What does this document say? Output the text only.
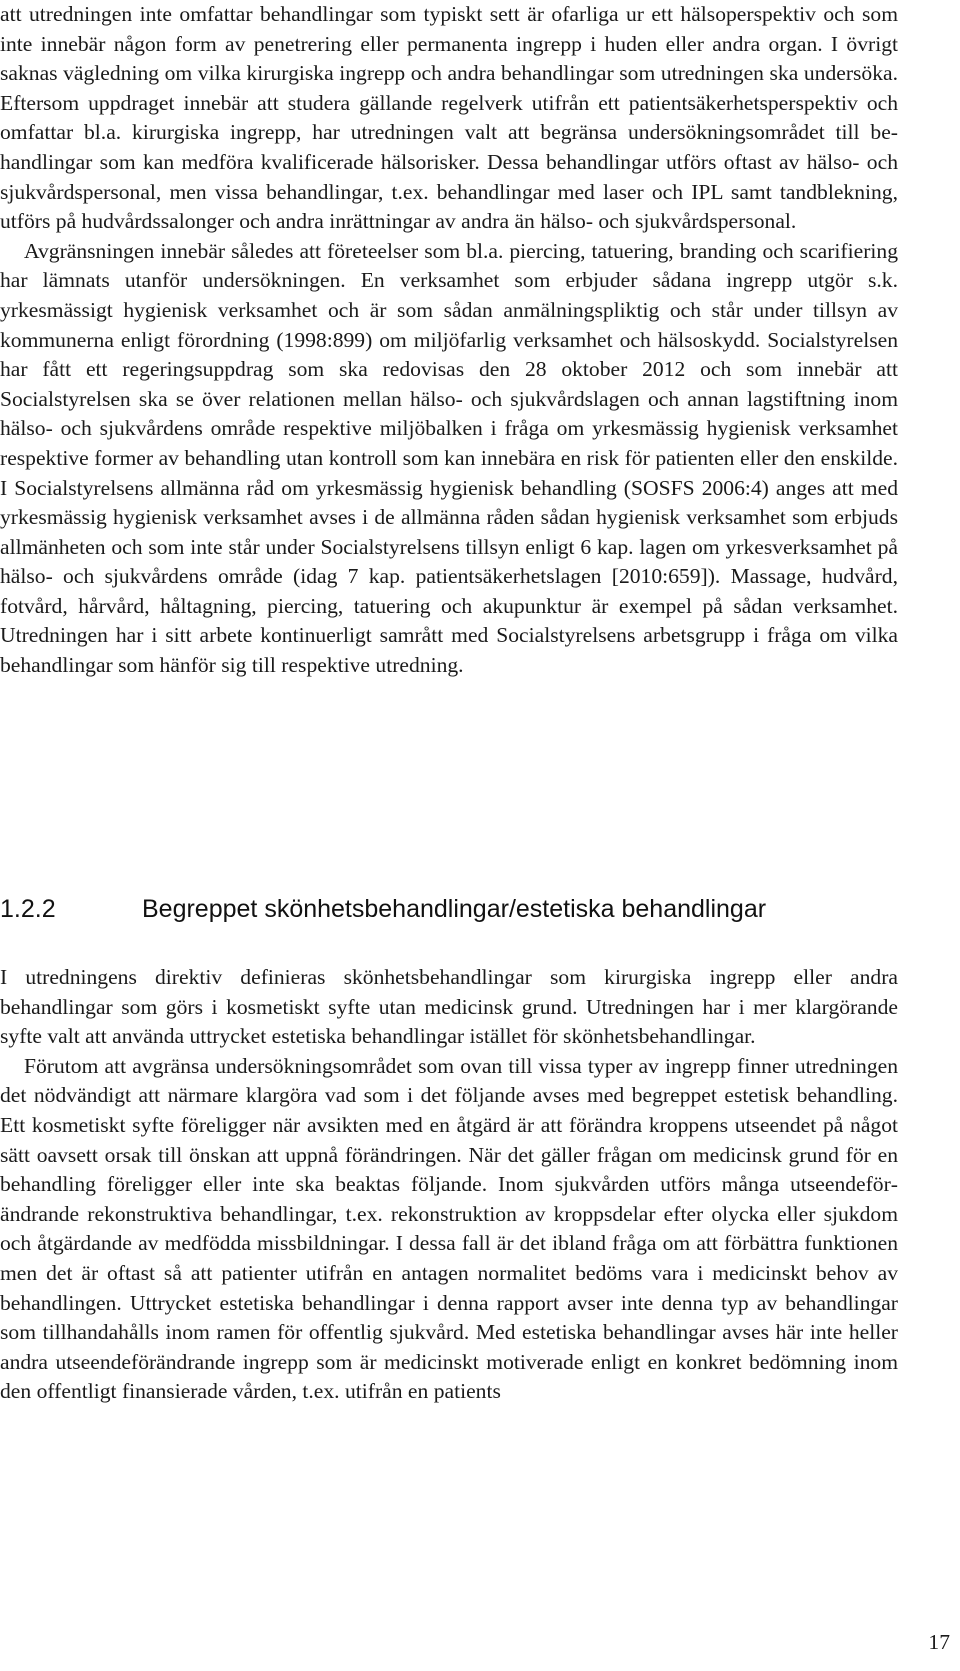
att utredningen inte omfattar behandlingar som typiskt sett är ofarliga ur ett hälsoperspektiv och som inte innebär någon form av penetrering eller permanenta ingrepp i huden eller andra organ. I övrigt saknas vägledning om vilka kirurgiska ingrepp och andra behandlingar som utredningen ska undersöka. Eftersom uppdraget innebär att studera gällande regelverk utifrån ett patientsäkerhetsperspektiv och omfattar bl.a. kirurgiska ingrepp, har utredningen valt att begränsa undersökningsområdet till behandlingar som kan medföra kvalificerade hälsorisker. Dessa behandlingar utförs oftast av hälso- och sjukvårdspersonal, men vissa behandlingar, t.ex. behandlingar med laser och IPL samt tandblekning, utförs på hudvårdssalonger och andra inrättningar av andra än hälso- och sjukvårdspersonal.

Avgränsningen innebär således att företeelser som bl.a. piercing, tatuering, branding och scarifiering har lämnats utanför undersökningen. En verksamhet som erbjuder sådana ingrepp utgör s.k. yrkesmässigt hygienisk verksamhet och är som sådan anmälningspliktig och står under tillsyn av kommunerna enligt förordning (1998:899) om miljöfarlig verksamhet och hälsoskydd. Socialstyrelsen har fått ett regeringsuppdrag som ska redovisas den 28 oktober 2012 och som innebär att Socialstyrelsen ska se över relationen mellan hälso- och sjukvårdslagen och annan lagstiftning inom hälso- och sjukvårdens område respektive miljöbalken i fråga om yrkesmässig hygienisk verksamhet respektive former av behandling utan kontroll som kan innebära en risk för patienten eller den enskilde. I Socialstyrelsens allmänna råd om yrkesmässig hygienisk behandling (SOSFS 2006:4) anges att med yrkesmässig hygienisk verksamhet avses i de allmänna råden sådan hygienisk verksamhet som erbjuds allmänheten och som inte står under Socialstyrelsens tillsyn enligt 6 kap. lagen om yrkesverksamhet på hälso- och sjukvårdens område (idag 7 kap. patientsäkerhetslagen [2010:659]). Massage, hudvård, fotvård, hårvård, håltagning, piercing, tatuering och akupunktur är exempel på sådan verksamhet. Utredningen har i sitt arbete kontinuerligt samrått med Socialstyrelsens arbetsgrupp i fråga om vilka behandlingar som hänför sig till respektive utredning.

1.2.2	Begreppet skönhetsbehandlingar/estetiska behandlingar

I utredningens direktiv definieras skönhetsbehandlingar som kirurgiska ingrepp eller andra behandlingar som görs i kosmetiskt syfte utan medicinsk grund. Utredningen har i mer klargörande syfte valt att använda uttrycket estetiska behandlingar istället för skönhetsbehandlingar.

Förutom att avgränsa undersökningsområdet som ovan till vissa typer av ingrepp finner utredningen det nödvändigt att närmare klargöra vad som i det följande avses med begreppet estetisk behandling. Ett kosmetiskt syfte föreligger när avsikten med en åtgärd är att förändra kroppens utseendet på något sätt oavsett orsak till önskan att uppnå förändringen. När det gäller frågan om medicinsk grund för en behandling föreligger eller inte ska beaktas följande. Inom sjukvården utförs många utseendeförändrande rekonstruktiva behandlingar, t.ex. rekonstruktion av kroppsdelar efter olycka eller sjukdom och åtgärdande av medfödda missbildningar. I dessa fall är det ibland fråga om att förbättra funktionen men det är oftast så att patienter utifrån en antagen normalitet bedöms vara i medicinskt behov av behandlingen. Uttrycket estetiska behandlingar i denna rapport avser inte denna typ av behandlingar som tillhandahålls inom ramen för offentlig sjukvård. Med estetiska behandlingar avses här inte heller andra utseendeförändrande ingrepp som är medicinskt motiverade enligt en konkret bedömning inom den offentligt finansierade vården, t.ex. utifrån en patients

17
